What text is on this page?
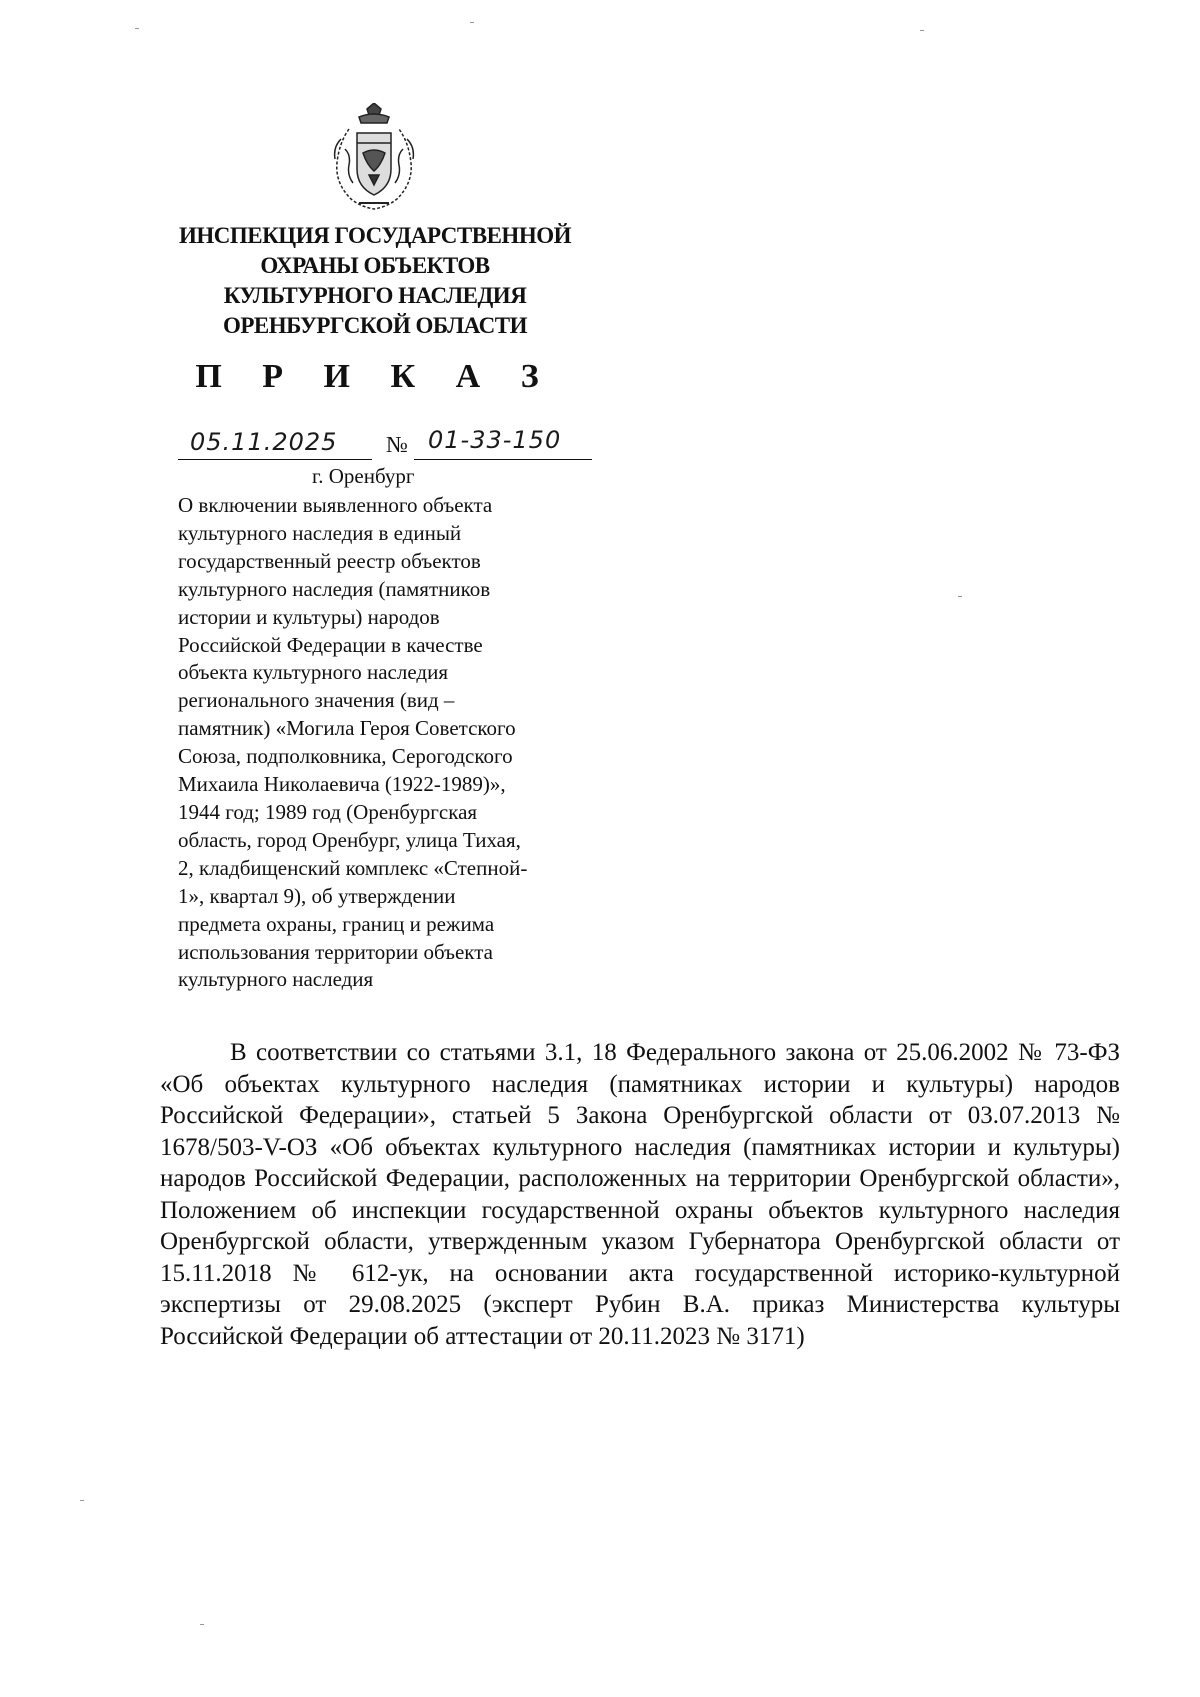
ИНСПЕКЦИЯ ГОСУДАРСТВЕННОЙ
ОХРАНЫ ОБЪЕКТОВ
КУЛЬТУРНОГО НАСЛЕДИЯ
ОРЕНБУРГСКОЙ ОБЛАСТИ
П Р И К А З
05.11.2025 № 01-33-150
г. Оренбург
О включении выявленного объекта
культурного наследия в единый
государственный реестр объектов
культурного наследия (памятников
истории и культуры) народов
Российской Федерации в качестве
объекта культурного наследия
регионального значения (вид –
памятник) «Могила Героя Советского
Союза, подполковника, Серогодского
Михаила Николаевича (1922-1989)»,
1944 год; 1989 год (Оренбургская
область, город Оренбург, улица Тихая,
2, кладбищенский комплекс «Степной-
1», квартал 9), об утверждении
предмета охраны, границ и режима
использования территории объекта
культурного наследия
В соответствии со статьями 3.1, 18 Федерального закона от 25.06.2002 № 73-ФЗ «Об объектах культурного наследия (памятниках истории и культуры) народов Российской Федерации», статьей 5 Закона Оренбургской области от 03.07.2013 № 1678/503-V-ОЗ «Об объектах культурного наследия (памятниках истории и культуры) народов Российской Федерации, расположенных на территории Оренбургской области», Положением об инспекции государственной охраны объектов культурного наследия Оренбургской области, утвержденным указом Губернатора Оренбургской области от 15.11.2018 № 612-ук, на основании акта государственной историко-культурной экспертизы от 29.08.2025 (эксперт Рубин В.А. приказ Министерства культуры Российской Федерации об аттестации от 20.11.2023 № 3171)
